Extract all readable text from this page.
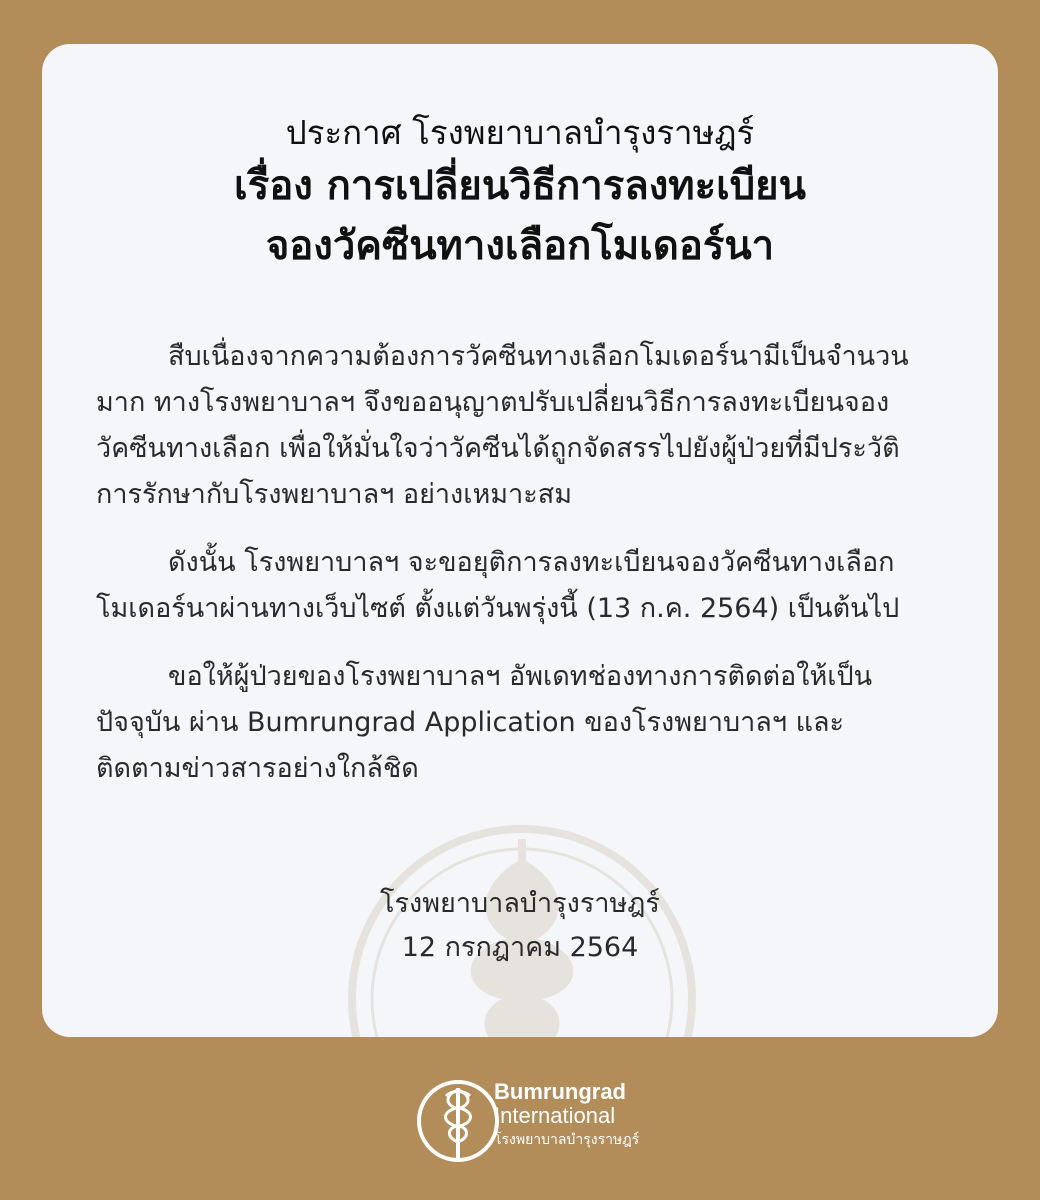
ประกาศ โรงพยาบาลบำรุงราษฎร์
เรื่อง การเปลี่ยนวิธีการลงทะเบียน
จองวัคซีนทางเลือกโมเดอร์นา

สืบเนื่องจากความต้องการวัคซีนทางเลือกโมเดอร์นามีเป็นจำนวน
มาก ทางโรงพยาบาลฯ จึงขออนุญาตปรับเปลี่ยนวิธีการลงทะเบียนจอง
วัคซีนทางเลือก เพื่อให้มั่นใจว่าวัคซีนได้ถูกจัดสรรไปยังผู้ป่วยที่มีประวัติ
การรักษากับโรงพยาบาลฯ อย่างเหมาะสม

ดังนั้น โรงพยาบาลฯ จะขอยุติการลงทะเบียนจองวัคซีนทางเลือก
โมเดอร์นาผ่านทางเว็บไซต์ ตั้งแต่วันพรุ่งนี้ (13 ก.ค. 2564) เป็นต้นไป

ขอให้ผู้ป่วยของโรงพยาบาลฯ อัพเดทช่องทางการติดต่อให้เป็น
ปัจจุบัน ผ่าน Bumrungrad Application ของโรงพยาบาลฯ และ
ติดตามข่าวสารอย่างใกล้ชิด

โรงพยาบาลบำรุงราษฎร์
12 กรกฎาคม 2564
Bumrungrad
International
โรงพยาบาลบำรุงราษฎร์
